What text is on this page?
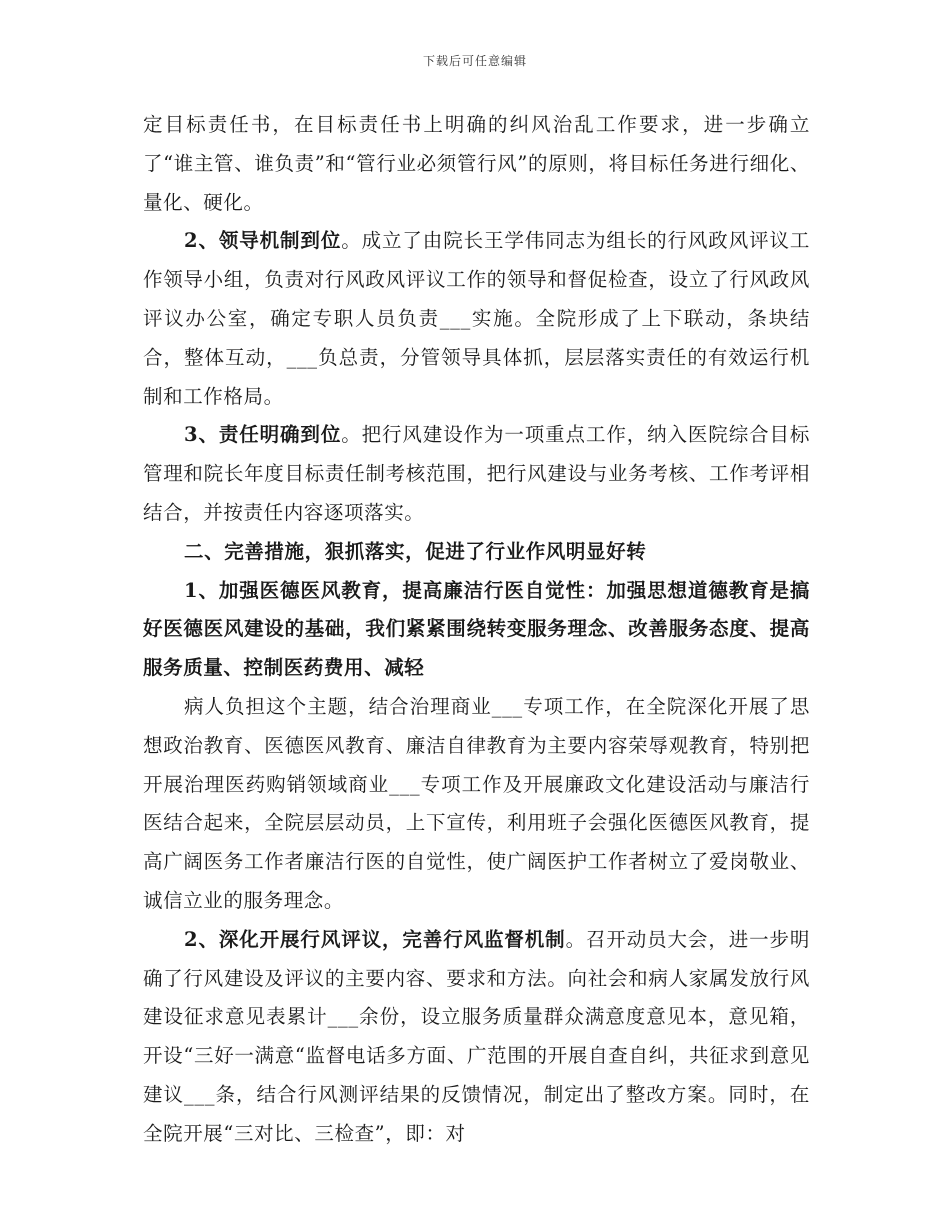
下载后可任意编辑

定目标责任书，在目标责任书上明确的纠风治乱工作要求，进一步确立了“谁主管、谁负责”和“管行业必须管行风”的原则，将目标任务进行细化、量化、硬化。

2、领导机制到位。成立了由院长王学伟同志为组长的行风政风评议工作领导小组，负责对行风政风评议工作的领导和督促检查，设立了行风政风评议办公室，确定专职人员负责___实施。全院形成了上下联动，条块结合，整体互动，___负总责，分管领导具体抓，层层落实责任的有效运行机制和工作格局。

3、责任明确到位。把行风建设作为一项重点工作，纳入医院综合目标管理和院长年度目标责任制考核范围，把行风建设与业务考核、工作考评相结合，并按责任内容逐项落实。

二、完善措施，狠抓落实，促进了行业作风明显好转

1、加强医德医风教育，提高廉洁行医自觉性：加强思想道德教育是搞好医德医风建设的基础，我们紧紧围绕转变服务理念、改善服务态度、提高服务质量、控制医药费用、减轻

病人负担这个主题，结合治理商业___专项工作，在全院深化开展了思想政治教育、医德医风教育、廉洁自律教育为主要内容荣辱观教育，特别把开展治理医药购销领域商业___专项工作及开展廉政文化建设活动与廉洁行医结合起来，全院层层动员，上下宣传，利用班子会强化医德医风教育，提高广阔医务工作者廉洁行医的自觉性，使广阔医护工作者树立了爱岗敬业、诚信立业的服务理念。

2、深化开展行风评议，完善行风监督机制。召开动员大会，进一步明确了行风建设及评议的主要内容、要求和方法。向社会和病人家属发放行风建设征求意见表累计___余份，设立服务质量群众满意度意见本，意见箱，开设“三好一满意“监督电话多方面、广范围的开展自查自纠，共征求到意见建议___条，结合行风测评结果的反馈情况，制定出了整改方案。同时，在全院开展“三对比、三检查”，即：对
